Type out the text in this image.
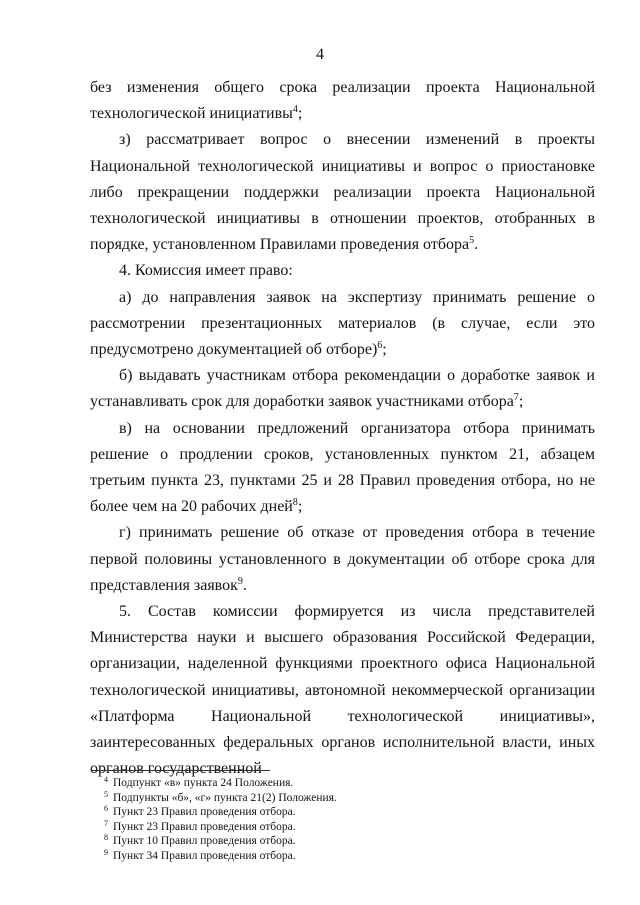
4

без изменения общего срока реализации проекта Национальной технологической инициативы$^4$;

з) рассматривает вопрос о внесении изменений в проекты Национальной технологической инициативы и вопрос о приостановке либо прекращении поддержки реализации проекта Национальной технологической инициативы в отношении проектов, отобранных в порядке, установленном Правилами проведения отбора$^5$.

4. Комиссия имеет право:

а) до направления заявок на экспертизу принимать решение о рассмотрении презентационных материалов (в случае, если это предусмотрено документацией об отборе)$^6$;

б) выдавать участникам отбора рекомендации о доработке заявок и устанавливать срок для доработки заявок участниками отбора$^7$;

в) на основании предложений организатора отбора принимать решение о продлении сроков, установленных пунктом 21, абзацем третьим пункта 23, пунктами 25 и 28 Правил проведения отбора, но не более чем на 20 рабочих дней$^8$;

г) принимать решение об отказе от проведения отбора в течение первой половины установленного в документации об отборе срока для представления заявок$^9$.

5. Состав комиссии формируется из числа представителей Министерства науки и высшего образования Российской Федерации, организации, наделенной функциями проектного офиса Национальной технологической инициативы, автономной некоммерческой организации «Платформа Национальной технологической инициативы», заинтересованных федеральных органов исполнительной власти, иных органов государственной

$^4$ Подпункт «в» пункта 24 Положения.
$^5$ Подпункты «б», «г» пункта 21(2) Положения.
$^6$ Пункт 23 Правил проведения отбора.
$^7$ Пункт 23 Правил проведения отбора.
$^8$ Пункт 10 Правил проведения отбора.
$^9$ Пункт 34 Правил проведения отбора.
